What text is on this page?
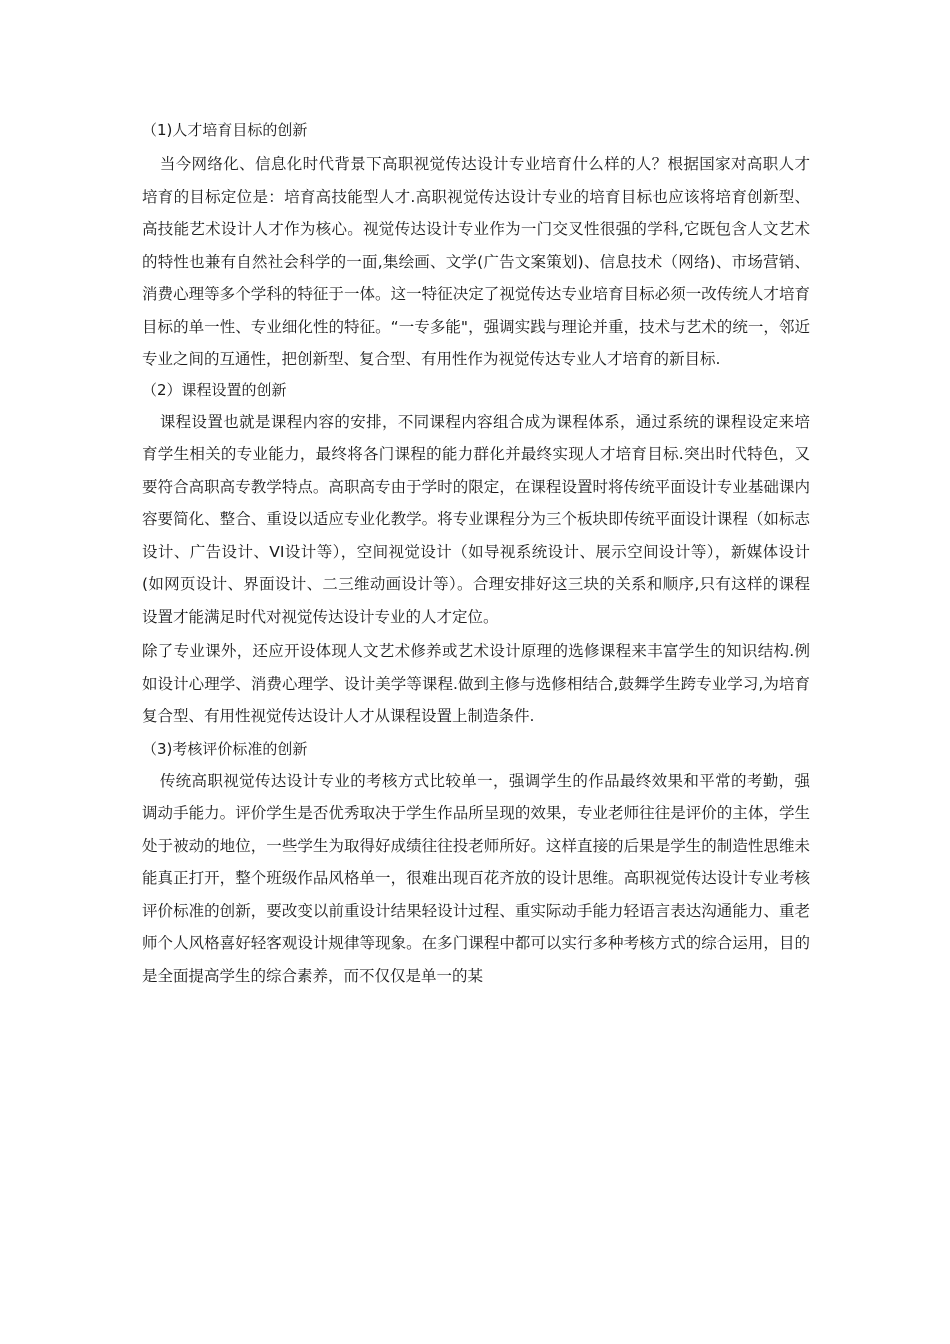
（1)人才培育目标的创新

当今网络化、信息化时代背景下高职视觉传达设计专业培育什么样的人？根据国家对高职人才培育的目标定位是：培育高技能型人才.高职视觉传达设计专业的培育目标也应该将培育创新型、高技能艺术设计人才作为核心。视觉传达设计专业作为一门交叉性很强的学科,它既包含人文艺术的特性也兼有自然社会科学的一面,集绘画、文学(广告文案策划)、信息技术（网络)、市场营销、消费心理等多个学科的特征于一体。这一特征决定了视觉传达专业培育目标必须一改传统人才培育目标的单一性、专业细化性的特征。“一专多能"，强调实践与理论并重，技术与艺术的统一，邻近专业之间的互通性，把创新型、复合型、有用性作为视觉传达专业人才培育的新目标.

（2）课程设置的创新

课程设置也就是课程内容的安排，不同课程内容组合成为课程体系，通过系统的课程设定来培育学生相关的专业能力，最终将各门课程的能力群化并最终实现人才培育目标.突出时代特色，又要符合高职高专教学特点。高职高专由于学时的限定，在课程设置时将传统平面设计专业基础课内容要简化、整合、重设以适应专业化教学。将专业课程分为三个板块即传统平面设计课程（如标志设计、广告设计、VI设计等），空间视觉设计（如导视系统设计、展示空间设计等），新媒体设计(如网页设计、界面设计、二三维动画设计等）。合理安排好这三块的关系和顺序,只有这样的课程设置才能满足时代对视觉传达设计专业的人才定位。

除了专业课外，还应开设体现人文艺术修养或艺术设计原理的选修课程来丰富学生的知识结构.例如设计心理学、消费心理学、设计美学等课程.做到主修与选修相结合,鼓舞学生跨专业学习,为培育复合型、有用性视觉传达设计人才从课程设置上制造条件.

（3)考核评价标准的创新

传统高职视觉传达设计专业的考核方式比较单一，强调学生的作品最终效果和平常的考勤，强调动手能力。评价学生是否优秀取决于学生作品所呈现的效果，专业老师往往是评价的主体，学生处于被动的地位，一些学生为取得好成绩往往投老师所好。这样直接的后果是学生的制造性思维未能真正打开，整个班级作品风格单一，很难出现百花齐放的设计思维。高职视觉传达设计专业考核评价标准的创新，要改变以前重设计结果轻设计过程、重实际动手能力轻语言表达沟通能力、重老师个人风格喜好轻客观设计规律等现象。在多门课程中都可以实行多种考核方式的综合运用，目的是全面提高学生的综合素养，而不仅仅是单一的某
